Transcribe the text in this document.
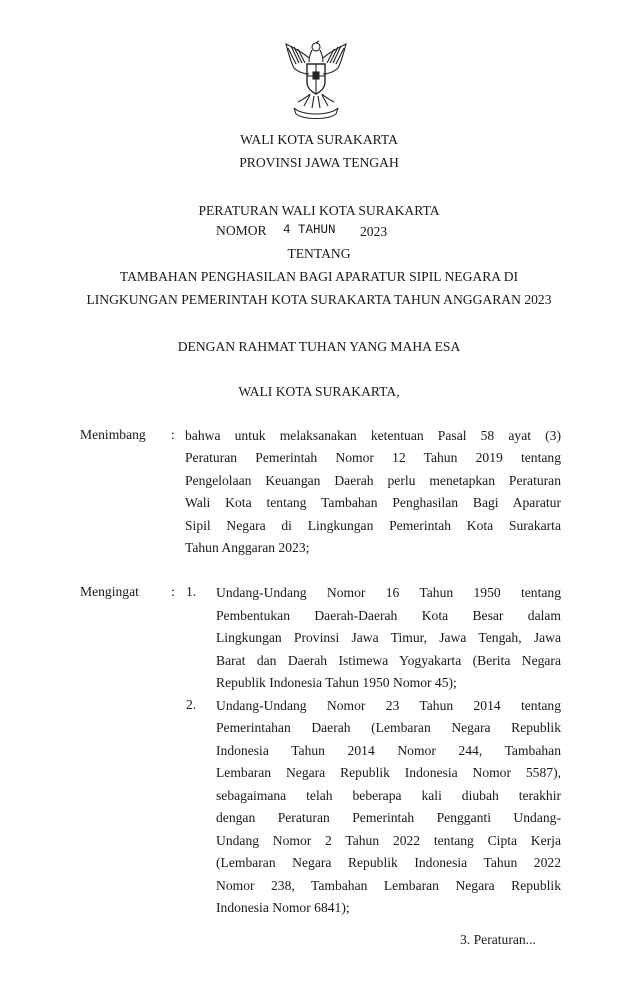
WALI KOTA SURAKARTA
PROVINSI JAWA TENGAH
PERATURAN WALI KOTA SURAKARTA
NOMOR 4 TAHUN 2023
TENTANG
TAMBAHAN PENGHASILAN BAGI APARATUR SIPIL NEGARA DI
LINGKUNGAN PEMERINTAH KOTA SURAKARTA TAHUN ANGGARAN 2023
DENGAN RAHMAT TUHAN YANG MAHA ESA
WALI KOTA SURAKARTA,
Menimbang : bahwa untuk melaksanakan ketentuan Pasal 58 ayat (3)
Peraturan Pemerintah Nomor 12 Tahun 2019 tentang
Pengelolaan Keuangan Daerah perlu menetapkan Peraturan
Wali Kota tentang Tambahan Penghasilan Bagi Aparatur
Sipil Negara di Lingkungan Pemerintah Kota Surakarta
Tahun Anggaran 2023;
Mengingat : 1. Undang-Undang Nomor 16 Tahun 1950 tentang
Pembentukan Daerah-Daerah Kota Besar dalam
Lingkungan Provinsi Jawa Timur, Jawa Tengah, Jawa
Barat dan Daerah Istimewa Yogyakarta (Berita Negara
Republik Indonesia Tahun 1950 Nomor 45);
2. Undang-Undang Nomor 23 Tahun 2014 tentang
Pemerintahan Daerah (Lembaran Negara Republik
Indonesia Tahun 2014 Nomor 244, Tambahan
Lembaran Negara Republik Indonesia Nomor 5587),
sebagaimana telah beberapa kali diubah terakhir
dengan Peraturan Pemerintah Pengganti Undang-
Undang Nomor 2 Tahun 2022 tentang Cipta Kerja
(Lembaran Negara Republik Indonesia Tahun 2022
Nomor 238, Tambahan Lembaran Negara Republik
Indonesia Nomor 6841);
3. Peraturan...
